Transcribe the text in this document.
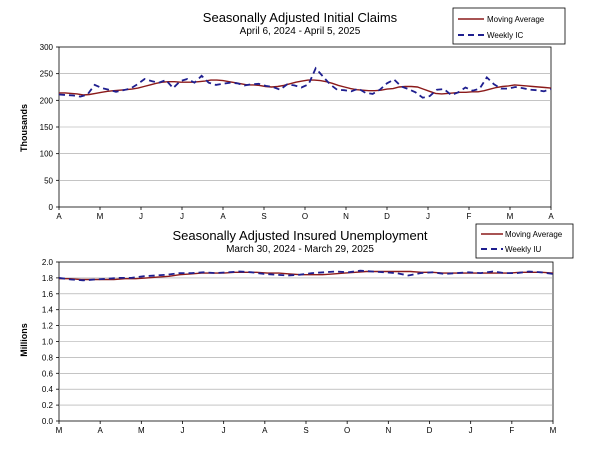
Seasonally Adjusted Initial Claims
April 6, 2024 - April 5, 2025
Thousands
Moving Average
Weekly IC
0
50
100
150
200
250
300
A	M	J	J	A	S	O	N	D	J	F	M	A
Seasonally Adjusted Insured Unemployment
March 30, 2024 - March 29, 2025
Millions
Moving Average
Weekly IU
0.0
0.2
0.4
0.6
0.8
1.0
1.2
1.4
1.6
1.8
2.0
M	A	M	J	J	A	S	O	N	D	J	F	M
